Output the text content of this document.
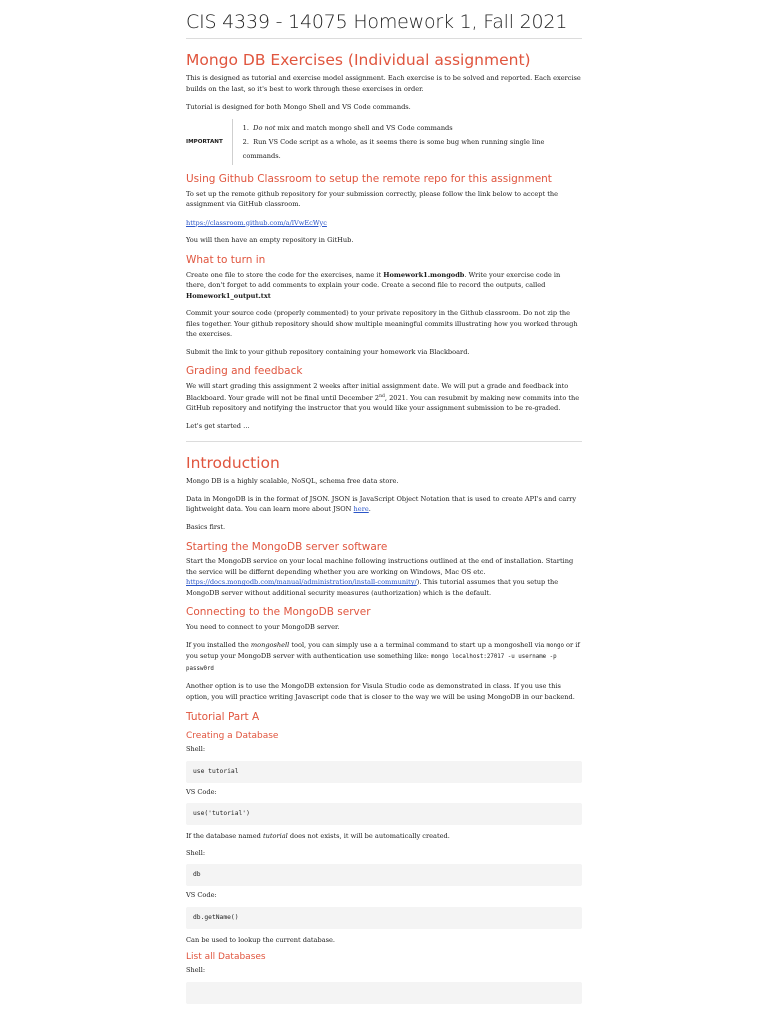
CIS 4339 - 14075 Homework 1, Fall 2021
Mongo DB Exercises (Individual assignment)

This is designed as tutorial and exercise model assignment. Each exercise is to be solved and reported. Each exercise builds on the last, so it's best to work through these exercises in order.

Tutorial is designed for both Mongo Shell and VS Code commands.

IMPORTANT
1. Do not mix and match mongo shell and VS Code commands
2. Run VS Code script as a whole, as it seems there is some bug when running single line commands.
Using Github Classroom to setup the remote repo for this assignment

To set up the remote github repository for your submission correctly, please follow the link below to accept the assignment via GitHub classroom.

https://classroom.github.com/a/lVwEcWyc

You will then have an empty repository in GitHub.

What to turn in

Create one file to store the code for the exercises, name it Homework1.mongodb. Write your exercise code in there, don't forget to add comments to explain your code. Create a second file to record the outputs, called Homework1_output.txt

Commit your source code (properly commented) to your private repository in the Github classroom. Do not zip the files together. Your github repository should show multiple meaningful commits illustrating how you worked through the exercises.

Submit the link to your github repository containing your homework via Blackboard.

Grading and feedback

We will start grading this assignment 2 weeks after initial assignment date. We will put a grade and feedback into Blackboard. Your grade will not be final until December 2nd, 2021. You can resubmit by making new commits into the GitHub repository and notifying the instructor that you would like your assignment submission to be re-graded.

Let's get started …

Introduction

Mongo DB is a highly scalable, NoSQL, schema free data store.

Data in MongoDB is in the format of JSON. JSON is JavaScript Object Notation that is used to create API's and carry lightweight data. You can learn more about JSON here.

Basics first.

Starting the MongoDB server software

Start the MongoDB service on your local machine following instructions outlined at the end of installation. Starting the service will be differnt depending whether you are working on Windows, Mac OS etc. https://docs.mongodb.com/manual/administration/install-community/). This tutorial assumes that you setup the MongoDB server without additional security measures (authorization) which is the default.

Connecting to the MongoDB server

You need to connect to your MongoDB server.

If you installed the mongoshell tool, you can simply use a a terminal command to start up a mongoshell via mongo or if you setup your MongoDB server with authentication use something like: mongo localhost:27017 -u username -p passw0rd

Another option is to use the MongoDB extension for Visula Studio code as demonstrated in class. If you use this option, you will practice writing Javascript code that is closer to the way we will be using MongoDB in our backend.

Tutorial Part A
Creating a Database

Shell:

use tutorial

VS Code:

use('tutorial')

If the database named tutorial does not exists, it will be automatically created.

Shell:

db

VS Code:

db.getName()

Can be used to lookup the current database.

List all Databases

Shell:
